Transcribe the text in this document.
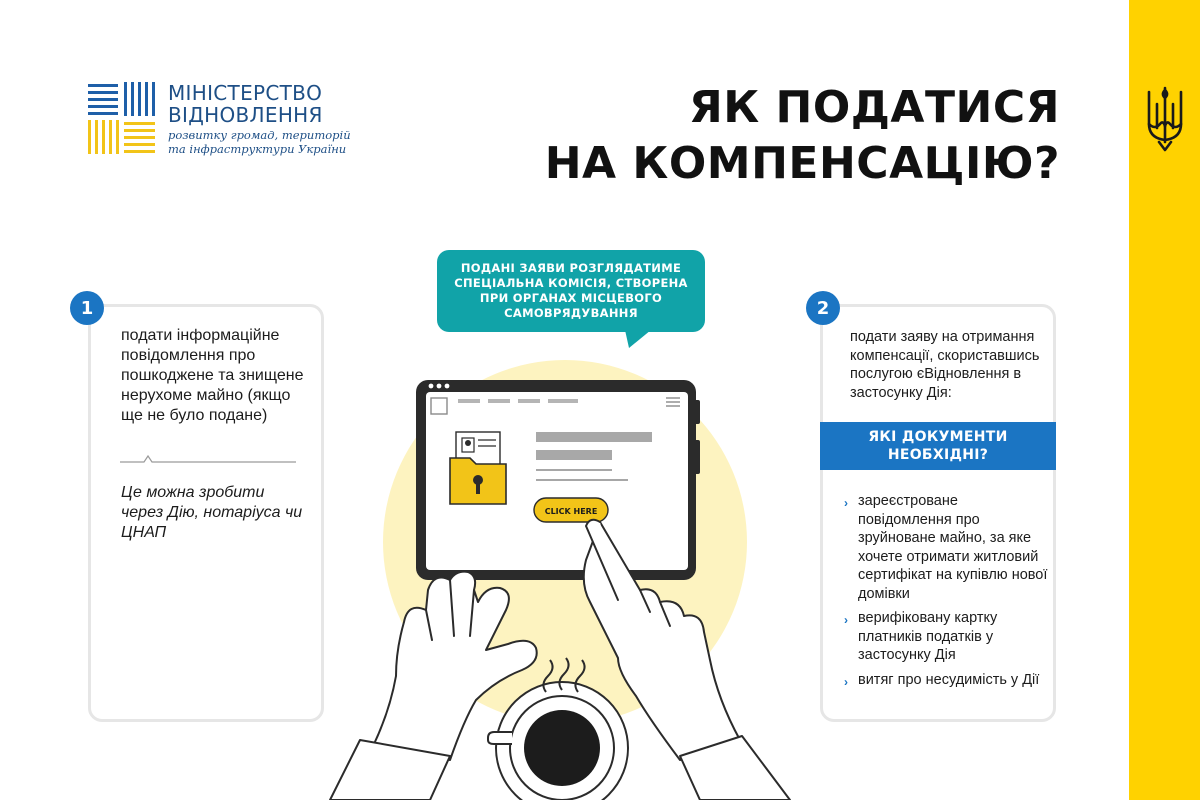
МІНІСТЕРСТВО
ВІДНОВЛЕННЯ
розвитку громад, територій
та інфраструктури України
ЯК ПОДАТИСЯ
НА КОМПЕНСАЦІЮ?
CLICK HERE
ПОДАНІ ЗАЯВИ РОЗГЛЯДАТИМЕ СПЕЦІАЛЬНА КОМІСІЯ, СТВОРЕНА ПРИ ОРГАНАХ МІСЦЕВОГО САМОВРЯДУВАННЯ
1
подати інформаційне повідомлення про пошкоджене та знищене нерухоме майно (якщо ще не було подане)
Це можна зробити через Дію, нотаріуса чи ЦНАП
2
подати заяву на отримання компенсації, скориставшись послугою єВідновлення в застосунку Дія:
ЯКІ ДОКУМЕНТИ НЕОБХІДНІ?
› зареєстроване повідомлення про зруйноване майно, за яке хочете отримати житловий сертифікат на купівлю нової домівки
› верифіковану картку платників податків у застосунку Дія
› витяг про несудимість у Дії
